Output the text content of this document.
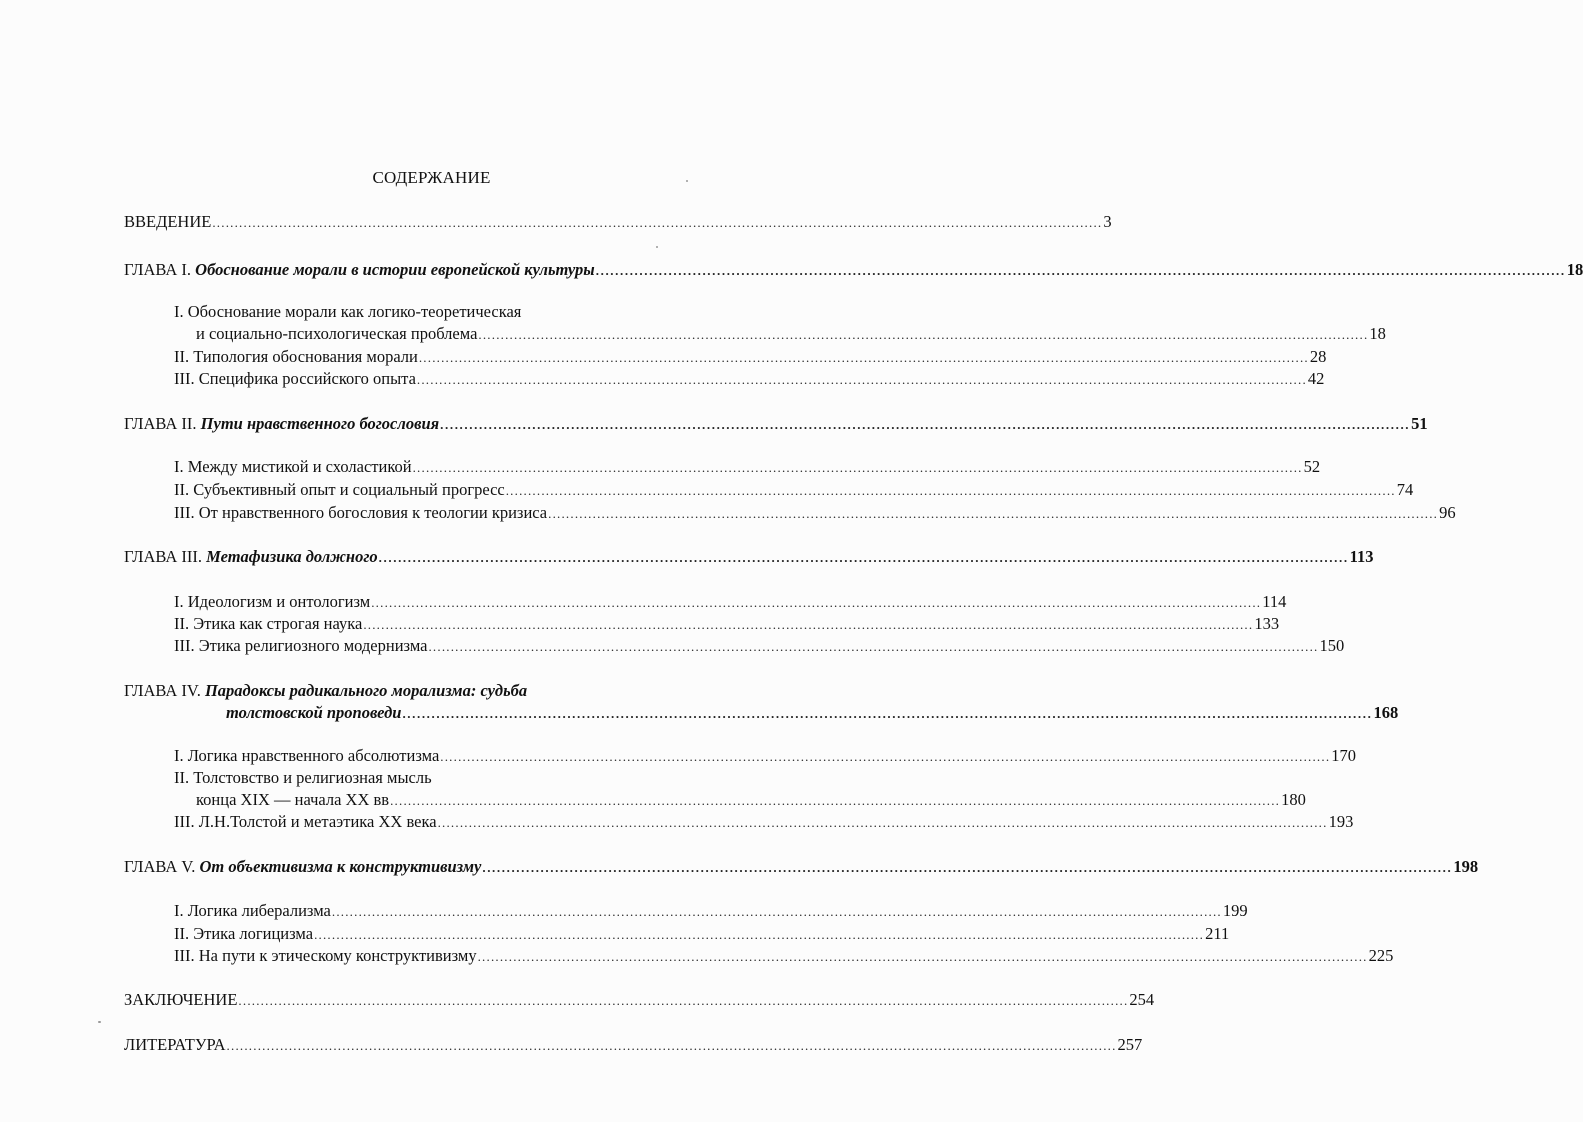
СОДЕРЖАНИЕ
ВВЕДЕНИЕ ........................................................................................................................................................................................................ 3
ГЛАВА I. Обоснование морали в истории европейской культуры ........................................................................................................................................................................................................ 18
I. Обоснование морали как логико-теоретическая
и социально-психологическая проблема ........................................................................................................................................................................................................ 18
II. Типология обоснования морали ........................................................................................................................................................................................................ 28
III. Специфика российского опыта ........................................................................................................................................................................................................ 42
ГЛАВА II. Пути нравственного богословия ........................................................................................................................................................................................................ 51
I. Между мистикой и схоластикой ........................................................................................................................................................................................................ 52
II. Субъективный опыт и социальный прогресс ........................................................................................................................................................................................................ 74
III. От нравственного богословия к теологии кризиса ........................................................................................................................................................................................................ 96
ГЛАВА III. Метафизика должного ........................................................................................................................................................................................................ 113
I. Идеологизм и онтологизм ........................................................................................................................................................................................................ 114
II. Этика как строгая наука ........................................................................................................................................................................................................ 133
III. Этика религиозного модернизма ........................................................................................................................................................................................................ 150
ГЛАВА IV. Парадоксы радикального морализма: судьба
толстовской проповеди ........................................................................................................................................................................................................ 168
I. Логика нравственного абсолютизма ........................................................................................................................................................................................................ 170
II. Толстовство и религиозная мысль
конца XIX — начала XX вв ........................................................................................................................................................................................................ 180
III. Л.Н.Толстой и метаэтика XX века ........................................................................................................................................................................................................ 193
ГЛАВА V. От объективизма к конструктивизму ........................................................................................................................................................................................................ 198
I. Логика либерализма ........................................................................................................................................................................................................ 199
II. Этика логицизма ........................................................................................................................................................................................................ 211
III. На пути к этическому конструктивизму ........................................................................................................................................................................................................ 225
ЗАКЛЮЧЕНИЕ ........................................................................................................................................................................................................ 254
ЛИТЕРАТУРА ........................................................................................................................................................................................................ 257
